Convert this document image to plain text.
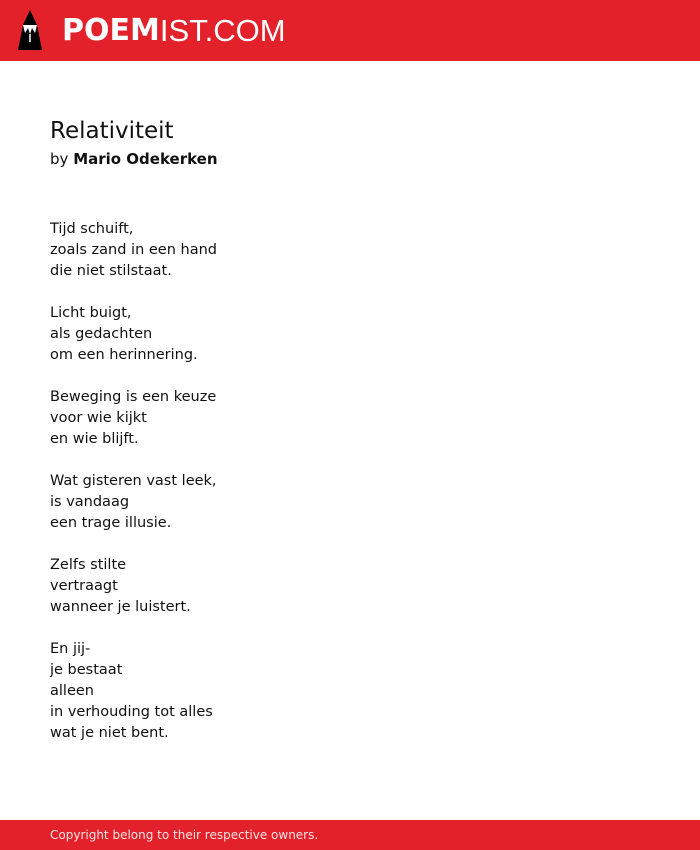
POEM IST.COM
Relativiteit
by Mario Odekerken
Tijd schuift,
zoals zand in een hand
die niet stilstaat.
Licht buigt,
als gedachten
om een herinnering.
Beweging is een keuze
voor wie kijkt
en wie blijft.
Wat gisteren vast leek,
is vandaag
een trage illusie.
Zelfs stilte
vertraagt
wanneer je luistert.
En jij-
je bestaat
alleen
in verhouding tot alles
wat je niet bent.
Copyright belong to their respective owners.
